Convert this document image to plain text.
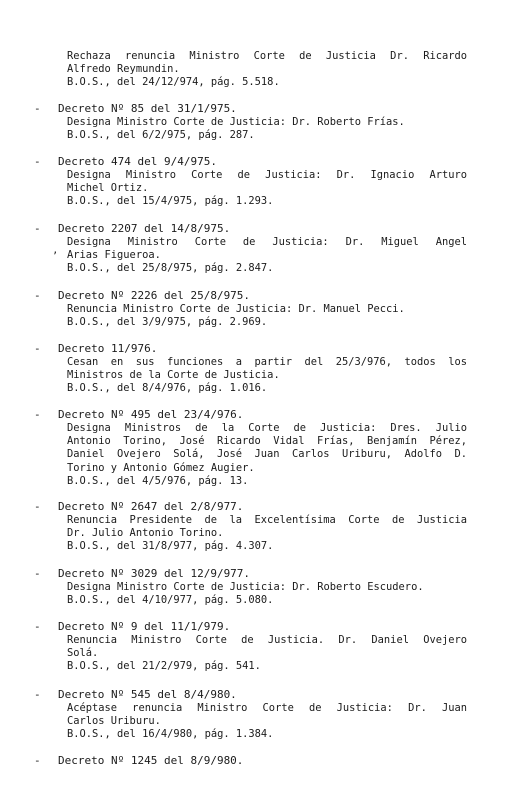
Rechaza renuncia Ministro Corte de Justicia Dr. Ricardo
Alfredo Reymundin.
B.O.S., del 24/12/974, pág. 5.518.
- Decreto Nº 85 del 31/1/975.
Designa Ministro Corte de Justicia: Dr. Roberto Frías.
B.O.S., del 6/2/975, pág. 287.
- Decreto 474 del 9/4/975.
Designa Ministro Corte de Justicia: Dr. Ignacio Arturo
Michel Ortiz.
B.O.S., del 15/4/975, pág. 1.293.
- Decreto 2207 del 14/8/975.
Designa Ministro Corte de Justicia: Dr. Miguel Angel
Arias Figueroa.
B.O.S., del 25/8/975, pág. 2.847.
’
- Decreto Nº 2226 del 25/8/975.
Renuncia Ministro Corte de Justicia: Dr. Manuel Pecci.
B.O.S., del 3/9/975, pág. 2.969.
- Decreto 11/976.
Cesan en sus funciones a partir del 25/3/976, todos los
Ministros de la Corte de Justicia.
B.O.S., del 8/4/976, pág. 1.016.
- Decreto Nº 495 del 23/4/976.
Designa Ministros de la Corte de Justicia: Dres. Julio
Antonio Torino, José Ricardo Vidal Frías, Benjamín Pérez,
Daniel Ovejero Solá, José Juan Carlos Uriburu, Adolfo D.
Torino y Antonio Gómez Augier.
B.O.S., del 4/5/976, pág. 13.
- Decreto Nº 2647 del 2/8/977.
Renuncia Presidente de la Excelentísima Corte de Justicia
Dr. Julio Antonio Torino.
B.O.S., del 31/8/977, pág. 4.307.
- Decreto Nº 3029 del 12/9/977.
Designa Ministro Corte de Justicia: Dr. Roberto Escudero.
B.O.S., del 4/10/977, pág. 5.080.
- Decreto Nº 9 del 11/1/979.
Renuncia Ministro Corte de Justicia. Dr. Daniel Ovejero
Solá.
B.O.S., del 21/2/979, pág. 541.
- Decreto Nº 545 del 8/4/980.
Acéptase renuncia Ministro Corte de Justicia: Dr. Juan
Carlos Uriburu.
B.O.S., del 16/4/980, pág. 1.384.
- Decreto Nº 1245 del 8/9/980.
